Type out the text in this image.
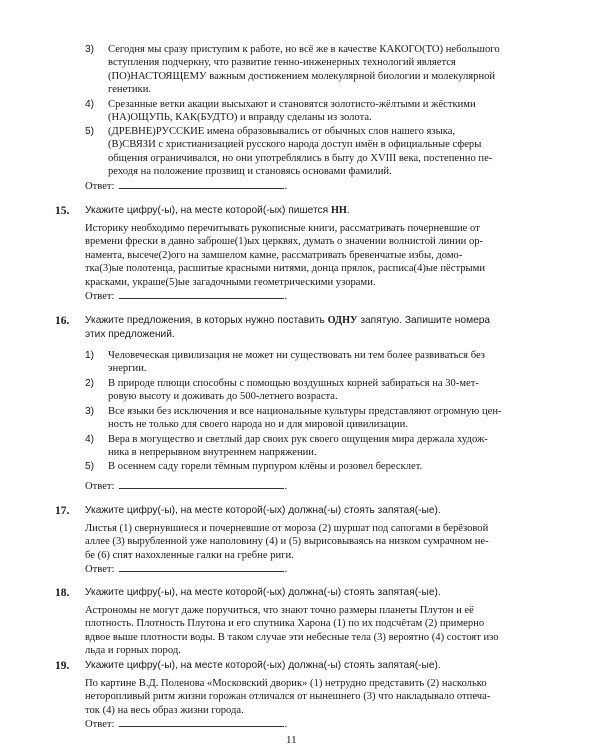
3) Сегодня мы сразу приступим к работе, но всё же в качестве КАКОГО(ТО) небольшого
вступления подчеркну, что развитие генно-инженерных технологий является
(ПО)НАСТОЯЩЕМУ важным достижением молекулярной биологии и молекулярной
генетики.
4) Срезанные ветки акации высыхают и становятся золотисто-жёлтыми и жёсткими
(НА)ОЩУПЬ, КАК(БУДТО) и вправду сделаны из золота.
5) (ДРЕВНЕ)РУССКИЕ имена образовывались от обычных слов нашего языка,
(В)СВЯЗИ с христианизацией русского народа доступ имён в официальные сферы
общения ограничивался, но они употреблялись в быту до XVIII века, постепенно пе-
реходя на положение прозвищ и становясь основами фамилий.
Ответ:	.
15. Укажите цифру(-ы), на месте которой(-ых) пишется НН.
Историку необходимо перечитывать рукописные книги, рассматривать почерневшие от
времени фрески в давно заброше(1)ых церквях, думать о значении волнистой линии ор-
намента, высече(2)ого на замшелом камне, рассматривать бревенчатые избы, домо-
тка(3)ые полотенца, расшитые красными нитями, донца прялок, расписа(4)ые пёстрыми
красками, украше(5)ые загадочными геометрическими узорами.
Ответ:	.
16. Укажите предложения, в которых нужно поставить ОДНУ запятую. Запишите номера
этих предложений.
1) Человеческая цивилизация не может ни существовать ни тем более развиваться без
энергии.
2) В природе плющи способны с помощью воздушных корней забираться на 30-мет-
ровую высоту и доживать до 500-летнего возраста.
3) Все языки без исключения и все национальные культуры представляют огромную цен-
ность не только для своего народа но и для мировой цивилизации.
4) Вера в могущество и светлый дар своих рук своего ощущения мира держала худож-
ника в непрерывном внутреннем напряжении.
5) В осеннем саду горели тёмным пурпуром клёны и розовел бересклет.
Ответ:	.
17. Укажите цифру(-ы), на месте которой(-ых) должна(-ы) стоять запятая(-ые).
Листья (1) свернувшиеся и почерневшие от мороза (2) шуршат под сапогами в берёзовой
аллее (3) вырубленной уже наполовину (4) и (5) вырисовываясь на низком сумрачном не-
бе (6) спят нахохленные галки на гребне риги.
Ответ:	.
18. Укажите цифру(-ы), на месте которой(-ых) должна(-ы) стоять запятая(-ые).
Астрономы не могут даже поручиться, что знают точно размеры планеты Плутон и её
плотность. Плотность Плутона и его спутника Харона (1) по их подсчётам (2) примерно
вдвое выше плотности воды. В таком случае эти небесные тела (3) вероятно (4) состоят изо
льда и горных пород.
19. Укажите цифру(-ы), на месте которой(-ых) должна(-ы) стоять запятая(-ые).
По картине В.Д. Поленова «Московский дворик» (1) нетрудно представить (2) насколько
неторопливый ритм жизни горожан отличался от нынешнего (3) что накладывало отпеча-
ток (4) на весь образ жизни города.
Ответ:	.
11
